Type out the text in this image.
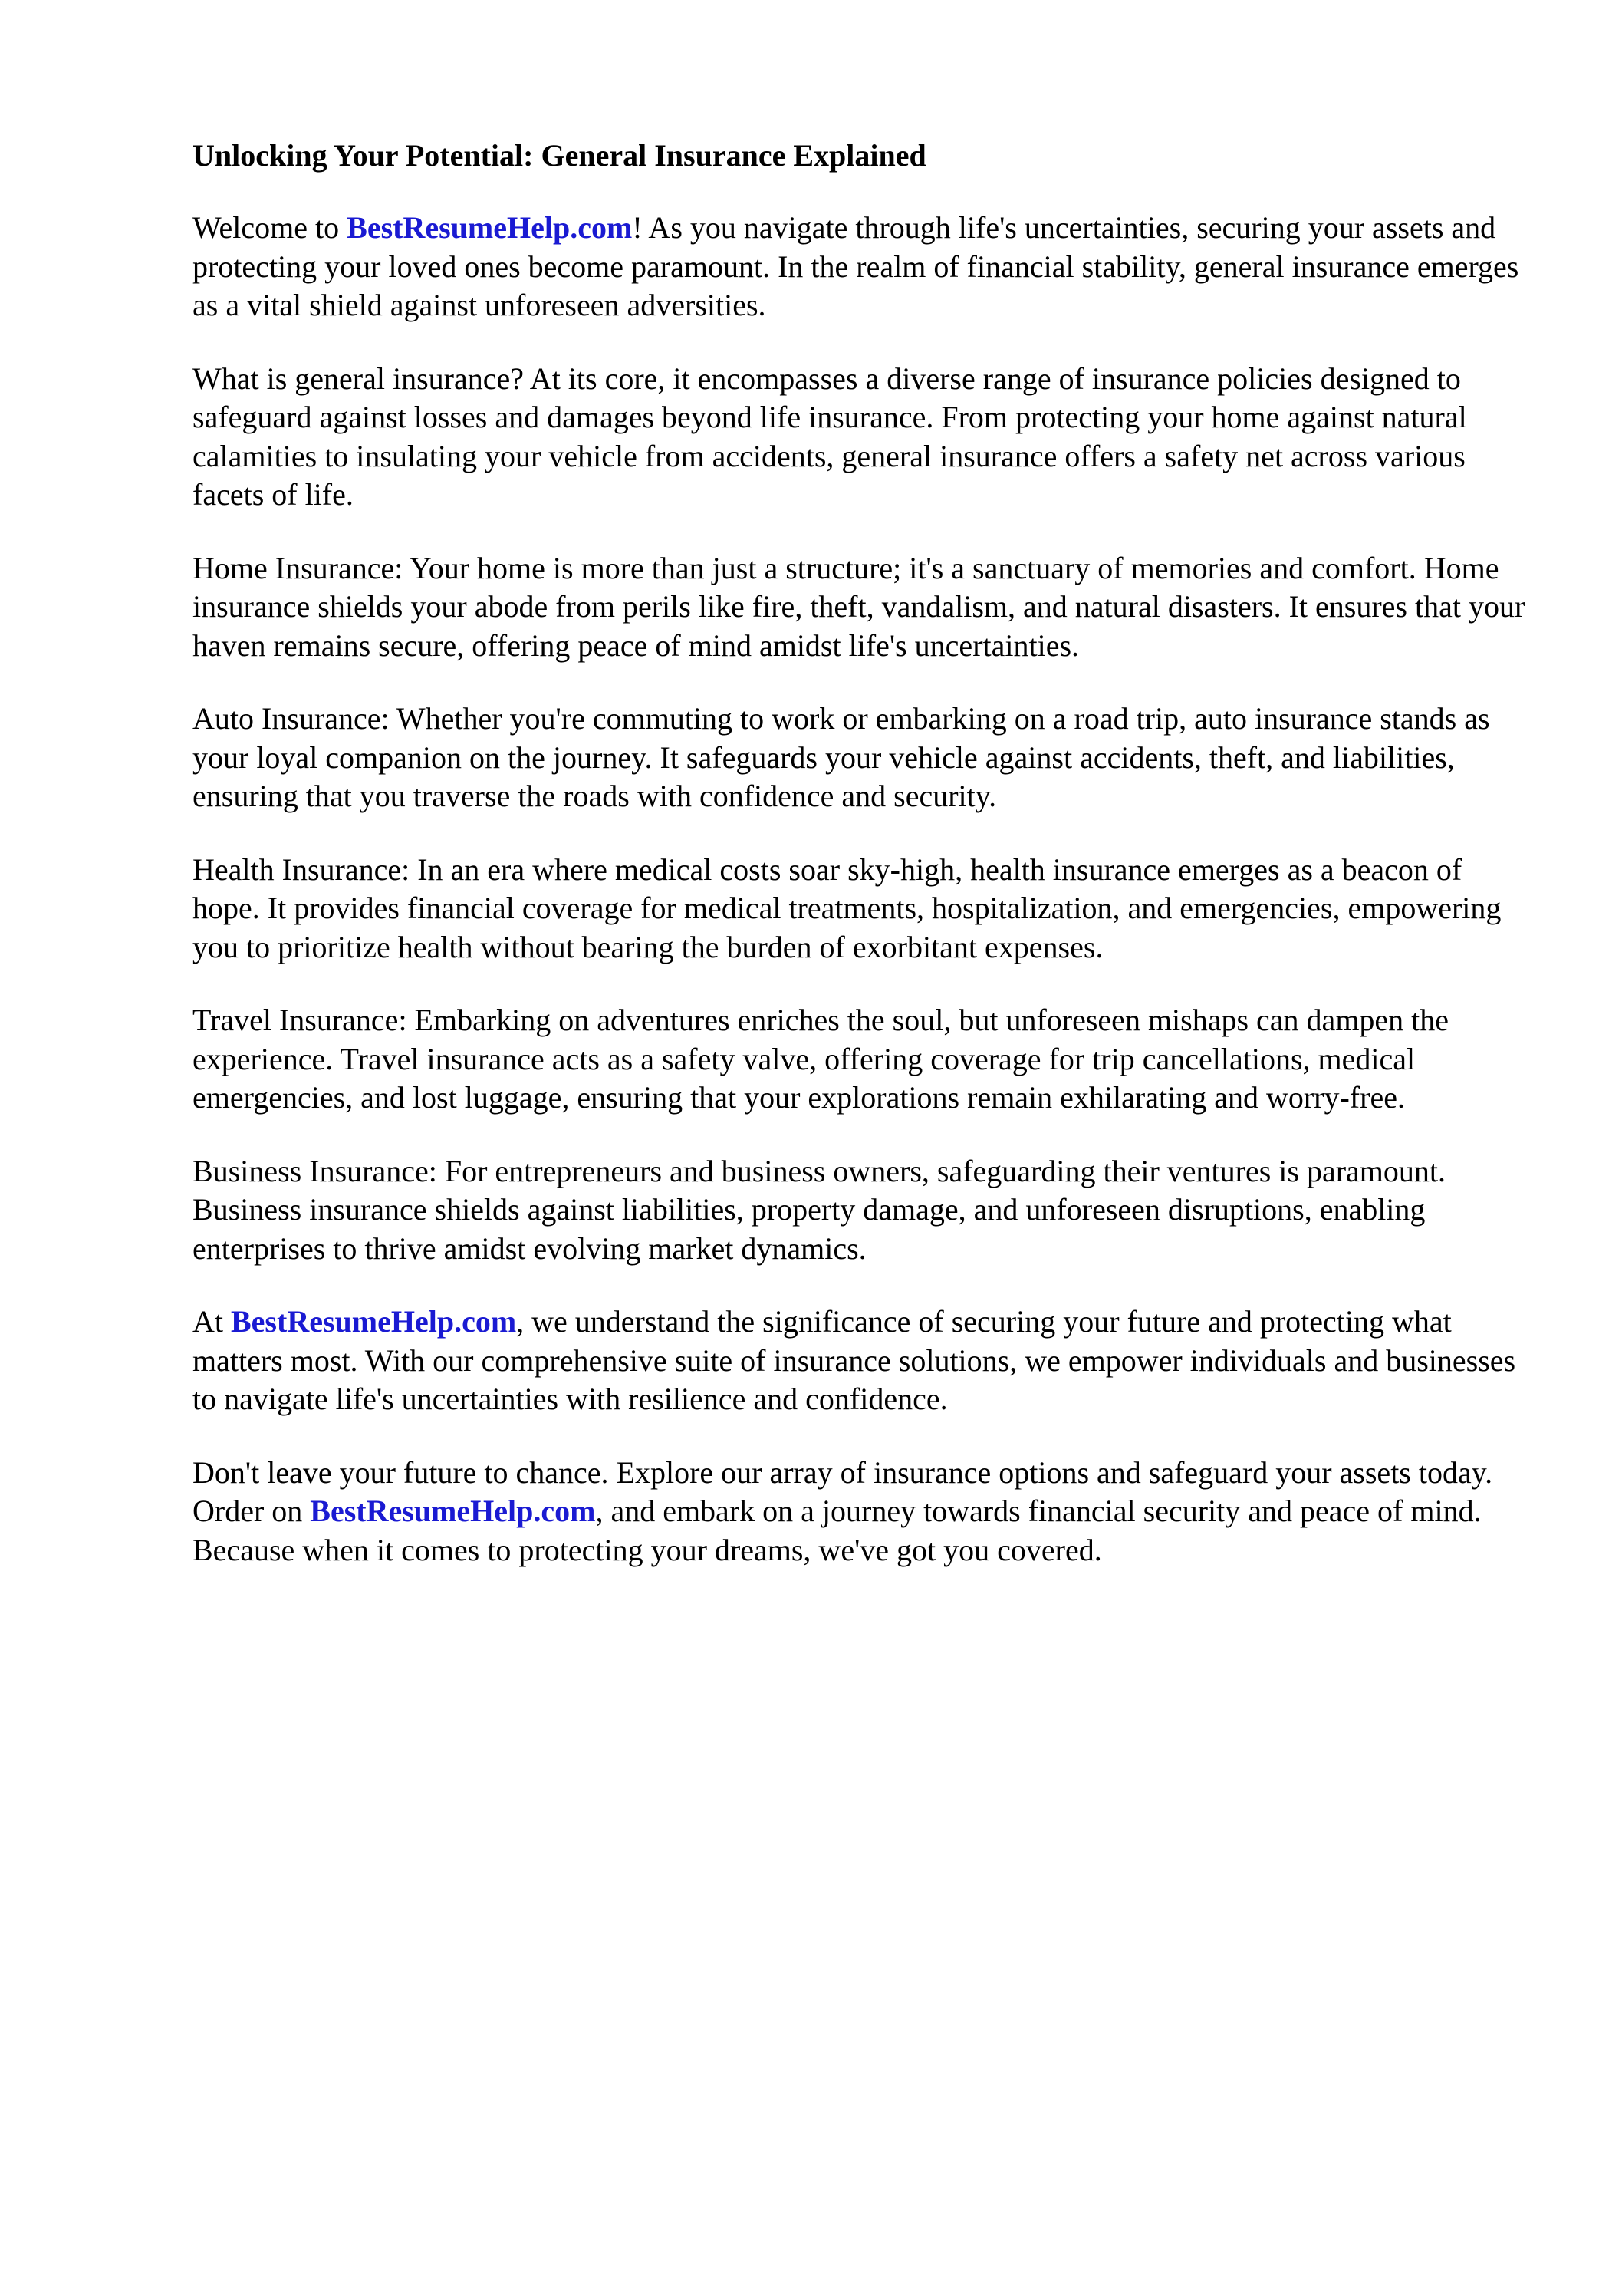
Unlocking Your Potential: General Insurance Explained

Welcome to BestResumeHelp.com! As you navigate through life's uncertainties, securing your assets and protecting your loved ones become paramount. In the realm of financial stability, general insurance emerges as a vital shield against unforeseen adversities.

What is general insurance? At its core, it encompasses a diverse range of insurance policies designed to safeguard against losses and damages beyond life insurance. From protecting your home against natural calamities to insulating your vehicle from accidents, general insurance offers a safety net across various facets of life.

Home Insurance: Your home is more than just a structure; it's a sanctuary of memories and comfort. Home insurance shields your abode from perils like fire, theft, vandalism, and natural disasters. It ensures that your haven remains secure, offering peace of mind amidst life's uncertainties.

Auto Insurance: Whether you're commuting to work or embarking on a road trip, auto insurance stands as your loyal companion on the journey. It safeguards your vehicle against accidents, theft, and liabilities, ensuring that you traverse the roads with confidence and security.

Health Insurance: In an era where medical costs soar sky-high, health insurance emerges as a beacon of hope. It provides financial coverage for medical treatments, hospitalization, and emergencies, empowering you to prioritize health without bearing the burden of exorbitant expenses.

Travel Insurance: Embarking on adventures enriches the soul, but unforeseen mishaps can dampen the experience. Travel insurance acts as a safety valve, offering coverage for trip cancellations, medical emergencies, and lost luggage, ensuring that your explorations remain exhilarating and worry-free.

Business Insurance: For entrepreneurs and business owners, safeguarding their ventures is paramount. Business insurance shields against liabilities, property damage, and unforeseen disruptions, enabling enterprises to thrive amidst evolving market dynamics.

At BestResumeHelp.com, we understand the significance of securing your future and protecting what matters most. With our comprehensive suite of insurance solutions, we empower individuals and businesses to navigate life's uncertainties with resilience and confidence.

Don't leave your future to chance. Explore our array of insurance options and safeguard your assets today. Order on BestResumeHelp.com, and embark on a journey towards financial security and peace of mind. Because when it comes to protecting your dreams, we've got you covered.
